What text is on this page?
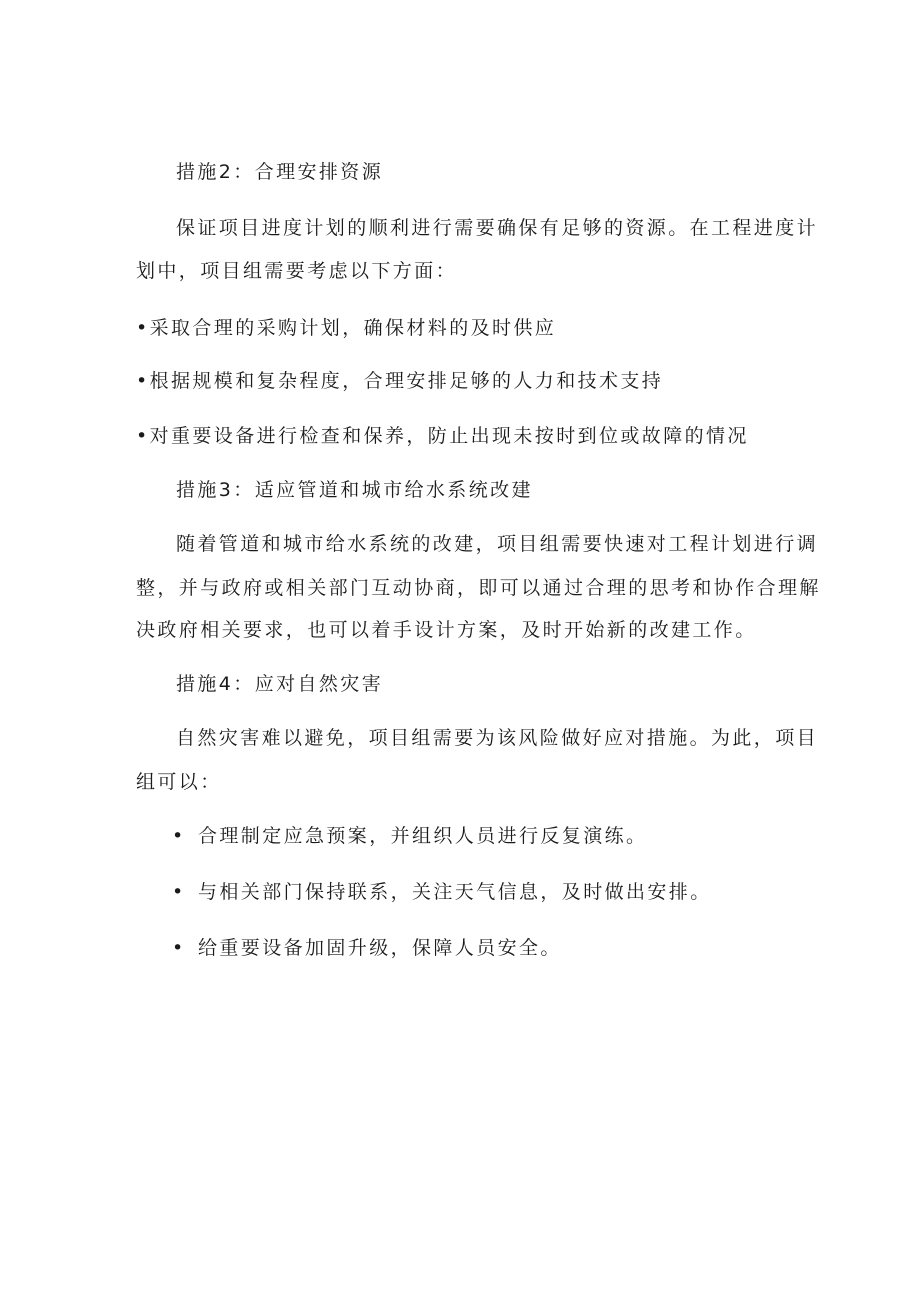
措施2：合理安排资源
保证项目进度计划的顺利进行需要确保有足够的资源。在工程进度计
划中，项目组需要考虑以下方面：
•采取合理的采购计划，确保材料的及时供应
•根据规模和复杂程度，合理安排足够的人力和技术支持
•对重要设备进行检查和保养，防止出现未按时到位或故障的情况
措施3：适应管道和城市给水系统改建
随着管道和城市给水系统的改建，项目组需要快速对工程计划进行调
整，并与政府或相关部门互动协商，即可以通过合理的思考和协作合理解
决政府相关要求，也可以着手设计方案，及时开始新的改建工作。
措施4：应对自然灾害
自然灾害难以避免，项目组需要为该风险做好应对措施。为此，项目
组可以：
• 合理制定应急预案，并组织人员进行反复演练。
• 与相关部门保持联系，关注天气信息，及时做出安排。
• 给重要设备加固升级，保障人员安全。
